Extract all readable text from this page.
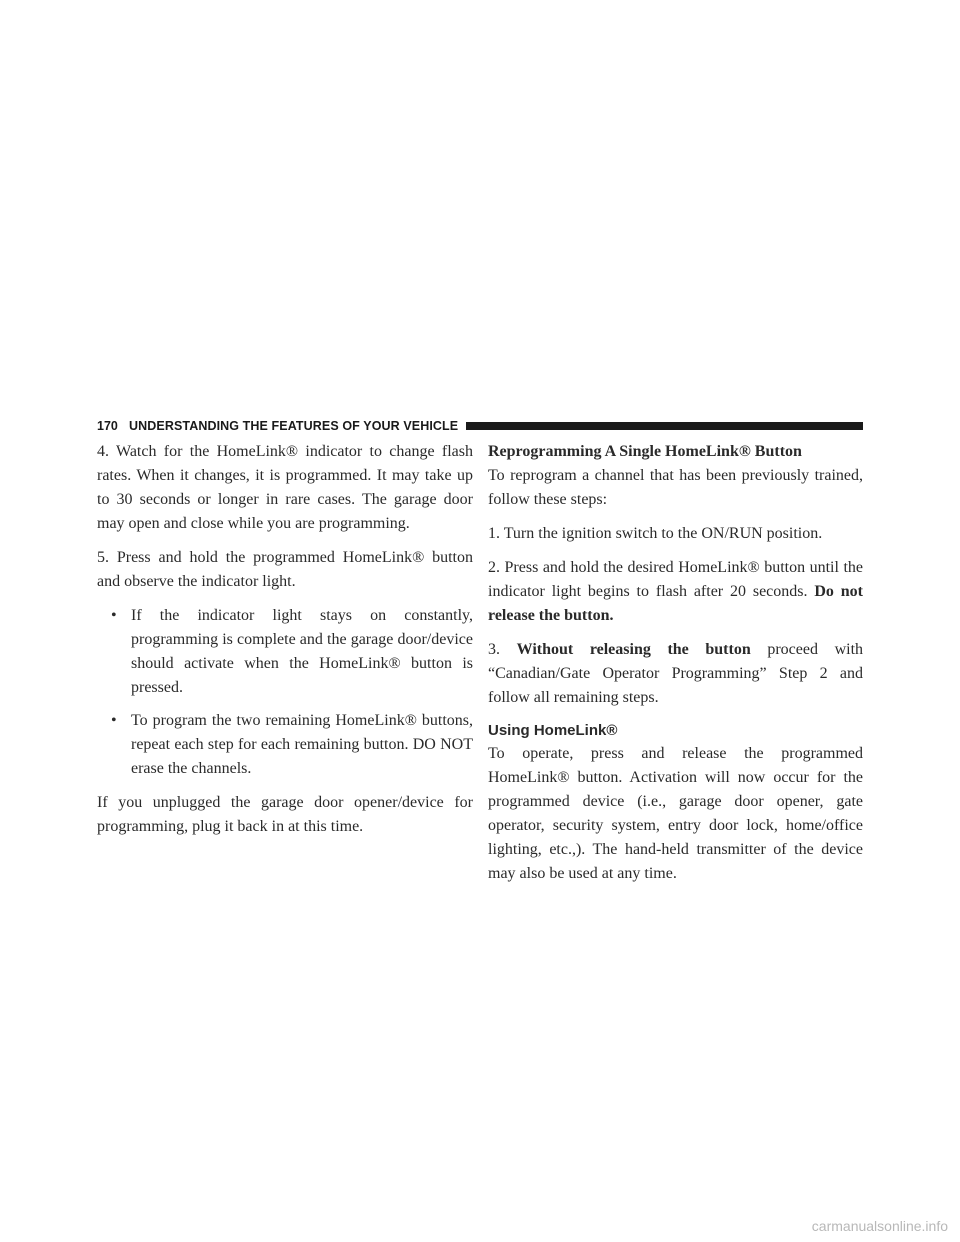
170 UNDERSTANDING THE FEATURES OF YOUR VEHICLE

4. Watch for the HomeLink® indicator to change flash rates. When it changes, it is programmed. It may take up to 30 seconds or longer in rare cases. The garage door may open and close while you are programming.

5. Press and hold the programmed HomeLink® button and observe the indicator light.

• If the indicator light stays on constantly, programming is complete and the garage door/device should activate when the HomeLink® button is pressed.
• To program the two remaining HomeLink® buttons, repeat each step for each remaining button. DO NOT erase the channels.

If you unplugged the garage door opener/device for programming, plug it back in at this time.

Reprogramming A Single HomeLink® Button

To reprogram a channel that has been previously trained, follow these steps:

1. Turn the ignition switch to the ON/RUN position.

2. Press and hold the desired HomeLink® button until the indicator light begins to flash after 20 seconds. Do not release the button.

3. Without releasing the button proceed with “Canadian/Gate Operator Programming” Step 2 and follow all remaining steps.

Using HomeLink®

To operate, press and release the programmed HomeLink® button. Activation will now occur for the programmed device (i.e., garage door opener, gate operator, security system, entry door lock, home/office lighting, etc.,). The hand-held transmitter of the device may also be used at any time.

carmanualsonline.info
